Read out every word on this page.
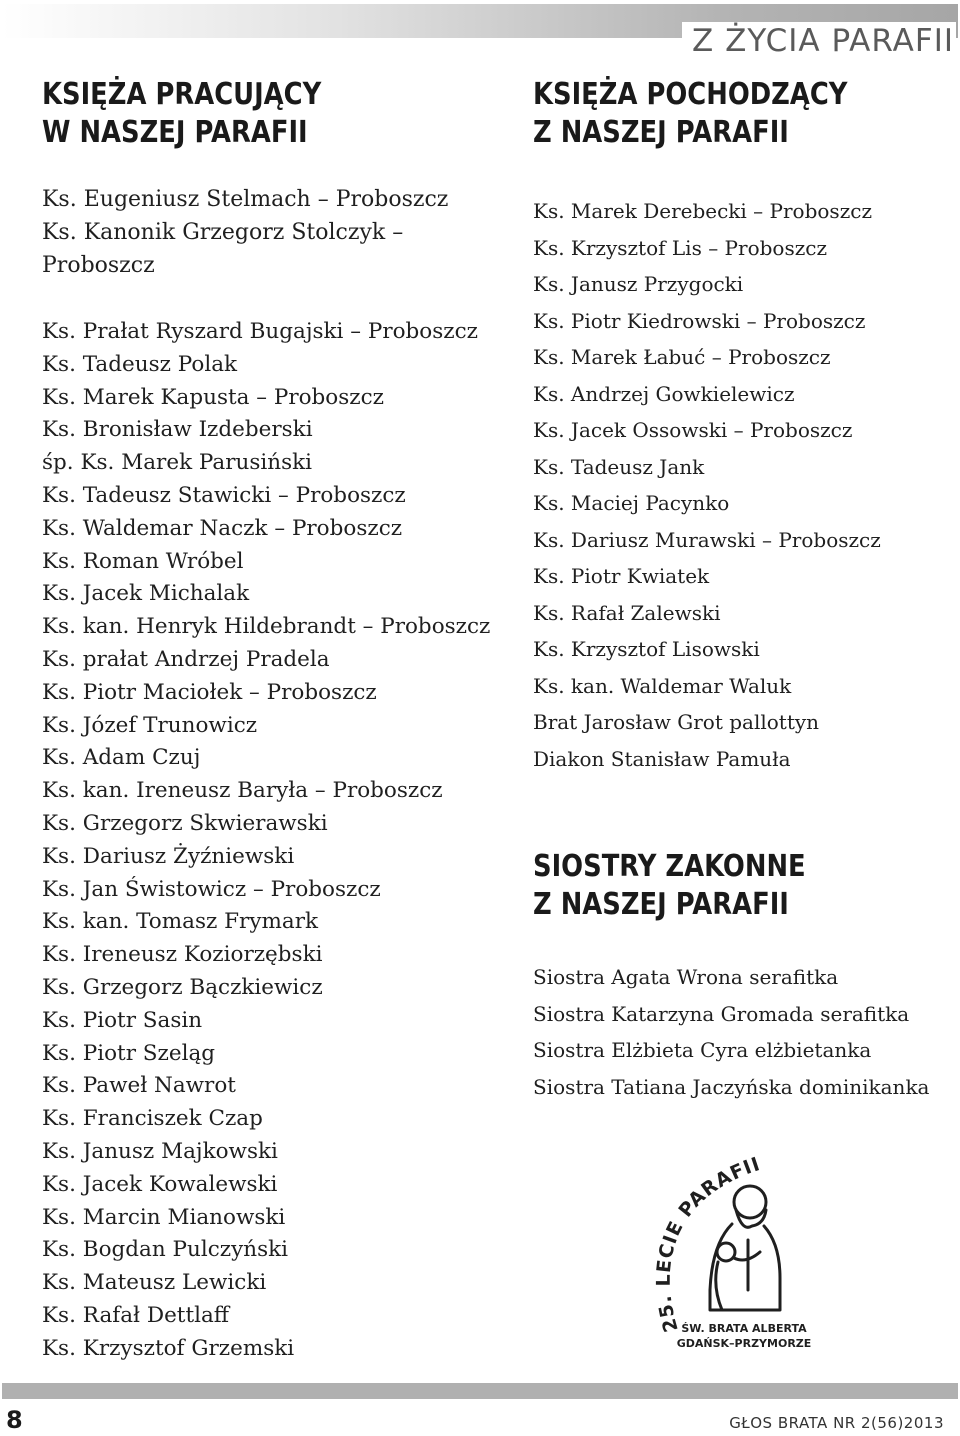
Z ŻYCIA PARAFII
KSIĘŻA PRACUJĄCY
W NASZEJ PARAFII
Ks. Eugeniusz Stelmach – Proboszcz
Ks. Kanonik Grzegorz Stolczyk –
Proboszcz
Ks. Prałat Ryszard Bugajski – Proboszcz
Ks. Tadeusz Polak
Ks. Marek Kapusta – Proboszcz
Ks. Bronisław Izdeberski
śp. Ks. Marek Parusiński
Ks. Tadeusz Stawicki – Proboszcz
Ks. Waldemar Naczk – Proboszcz
Ks. Roman Wróbel
Ks. Jacek Michalak
Ks. kan. Henryk Hildebrandt – Proboszcz
Ks. prałat Andrzej Pradela
Ks. Piotr Maciołek – Proboszcz
Ks. Józef Trunowicz
Ks. Adam Czuj
Ks. kan. Ireneusz Baryła – Proboszcz
Ks. Grzegorz Skwierawski
Ks. Dariusz Żyźniewski
Ks. Jan Świstowicz – Proboszcz
Ks. kan. Tomasz Frymark
Ks. Ireneusz Koziorzębski
Ks. Grzegorz Bączkiewicz
Ks. Piotr Sasin
Ks. Piotr Szeląg
Ks. Paweł Nawrot
Ks. Franciszek Czap
Ks. Janusz Majkowski
Ks. Jacek Kowalewski
Ks. Marcin Mianowski
Ks. Bogdan Pulczyński
Ks. Mateusz Lewicki
Ks. Rafał Dettlaff
Ks. Krzysztof Grzemski
KSIĘŻA POCHODZĄCY
Z NASZEJ PARAFII
Ks. Marek Derebecki – Proboszcz
Ks. Krzysztof Lis – Proboszcz
Ks. Janusz Przygocki
Ks. Piotr Kiedrowski – Proboszcz
Ks. Marek Łabuć – Proboszcz
Ks. Andrzej Gowkielewicz
Ks. Jacek Ossowski – Proboszcz
Ks. Tadeusz Jank
Ks. Maciej Pacynko
Ks. Dariusz Murawski – Proboszcz
Ks. Piotr Kwiatek
Ks. Rafał Zalewski
Ks. Krzysztof Lisowski
Ks. kan. Waldemar Waluk
Brat Jarosław Grot pallottyn
Diakon Stanisław Pamuła
SIOSTRY ZAKONNE
Z NASZEJ PARAFII
Siostra Agata Wrona serafitka
Siostra Katarzyna Gromada serafitka
Siostra Elżbieta Cyra elżbietanka
Siostra Tatiana Jaczyńska dominikanka
25. LECIE PARAFII
ŚW. BRATA ALBERTA
GDAŃSK–PRZYMORZE
8	GŁOS BRATA NR 2(56)2013
